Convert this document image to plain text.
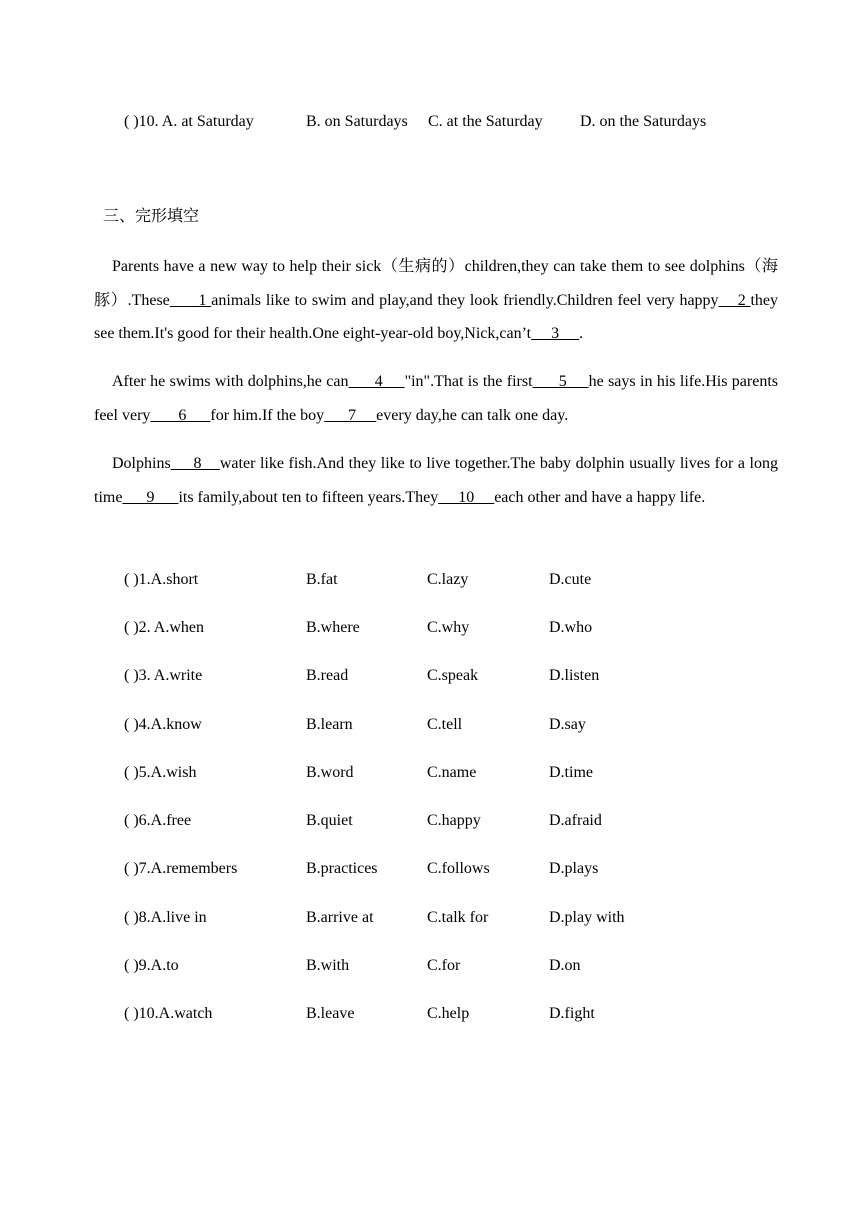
( )10. A. at Saturday	B. on Saturdays C. at the Saturday D. on the Saturdays
三、完形填空

Parents have a new way to help their sick（生病的）children,they can take them to see dolphins（海豚）.These      1 animals like to swim and play,and they look friendly.Children feel very happy    2 they see them.It's good for their health.One eight-year-old boy,Nick,can’t     3     .

After he swims with dolphins,he can      4     "in".That is the first      5     he says in his life.His parents feel very       6      for him.If the boy      7     every day,he can talk one day.

Dolphins     8    water like fish.And they like to live together.The baby dolphin usually lives for a long time      9      its family,about ten to fifteen years.They     10     each other and have a happy life.

( )1.A.short	B.fat	C.lazy	D.cute
( )2. A.when	B.where	C.why	D.who
( )3. A.write	B.read	C.speak	D.listen
( )4.A.know	B.learn	C.tell	D.say
( )5.A.wish	B.word	C.name	D.time
( )6.A.free	B.quiet	C.happy	D.afraid
( )7.A.remembers	B.practices	C.follows	D.plays
( )8.A.live in	B.arrive at	C.talk for	D.play with
( )9.A.to	B.with	C.for	D.on
( )10.A.watch	B.leave	C.help	D.fight
